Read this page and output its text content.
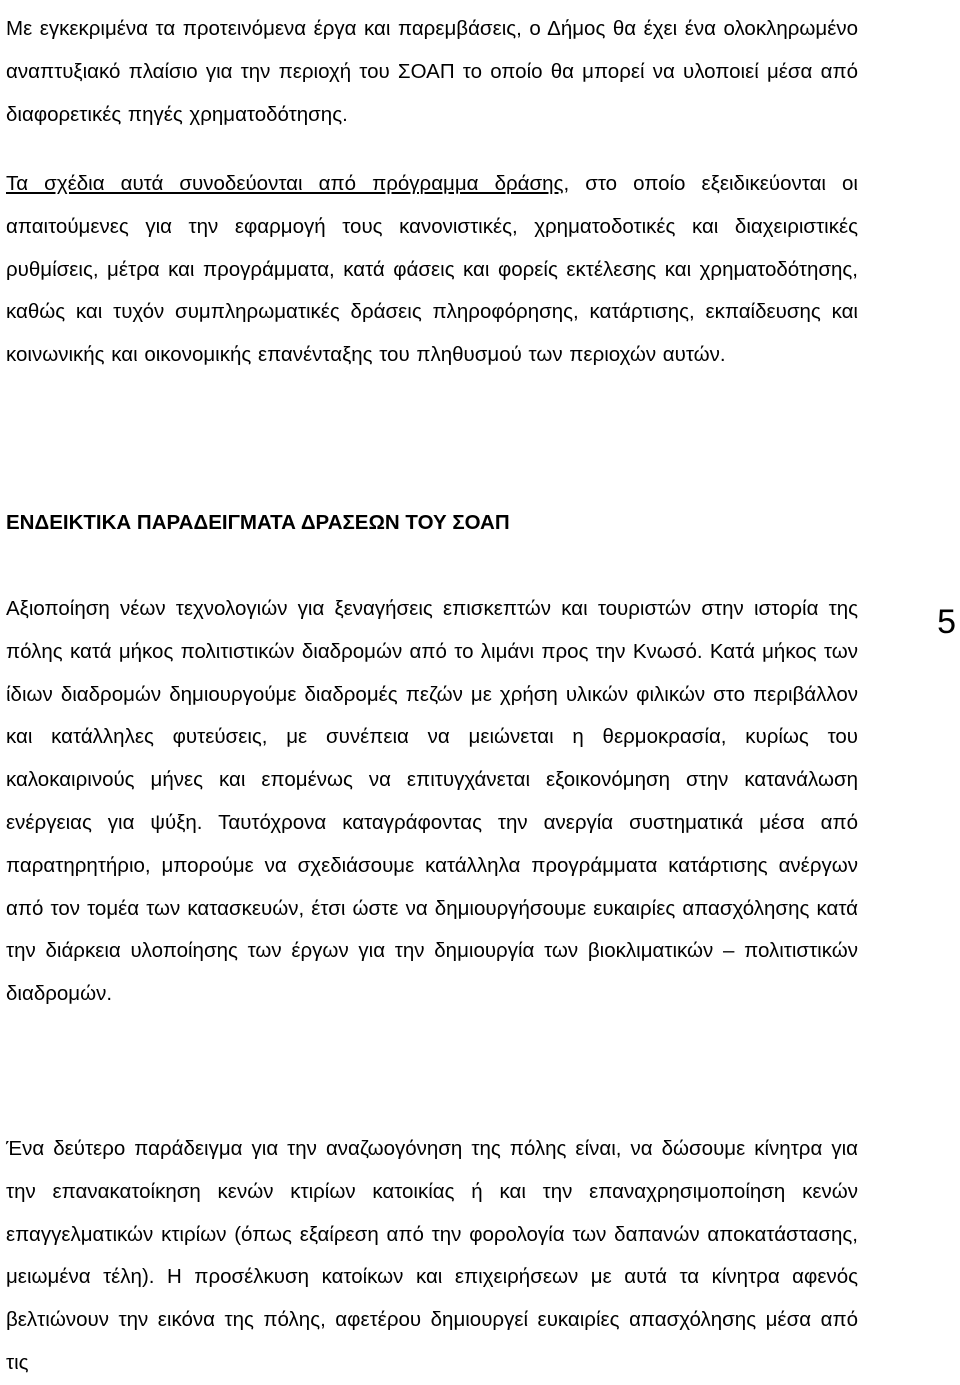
Με εγκεκριμένα τα προτεινόμενα έργα και παρεμβάσεις, ο Δήμος θα έχει ένα ολοκληρωμένο αναπτυξιακό πλαίσιο για την περιοχή του ΣΟΑΠ το οποίο θα μπορεί να υλοποιεί μέσα από διαφορετικές πηγές χρηματοδότησης.

Τα σχέδια αυτά συνοδεύονται από πρόγραμμα δράσης, στο οποίο εξειδικεύονται οι απαιτούμενες για την εφαρμογή τους κανονιστικές, χρηματοδοτικές και διαχειριστικές ρυθμίσεις, μέτρα και προγράμματα, κατά φάσεις και φορείς εκτέλεσης και χρηματοδότησης, καθώς και τυχόν συμπληρωματικές δράσεις πληροφόρησης, κατάρτισης, εκπαίδευσης και κοινωνικής και οικονομικής επανένταξης του πληθυσμού των περιοχών αυτών.

ΕΝΔΕΙΚΤΙΚΑ ΠΑΡΑΔΕΙΓΜΑΤΑ ΔΡΑΣΕΩΝ ΤΟΥ ΣΟΑΠ

Αξιοποίηση νέων τεχνολογιών για ξεναγήσεις επισκεπτών και τουριστών στην ιστορία της πόλης κατά μήκος πολιτιστικών διαδρομών από το λιμάνι προς την Κνωσό. Κατά μήκος των ίδιων διαδρομών δημιουργούμε διαδρομές πεζών με χρήση υλικών φιλικών στο περιβάλλον και κατάλληλες φυτεύσεις, με συνέπεια να μειώνεται η θερμοκρασία, κυρίως του καλοκαιρινούς μήνες και επομένως να επιτυγχάνεται εξοικονόμηση στην κατανάλωση ενέργειας για ψύξη. Ταυτόχρονα καταγράφοντας την ανεργία συστηματικά μέσα από παρατηρητήριο, μπορούμε να σχεδιάσουμε κατάλληλα προγράμματα κατάρτισης ανέργων από τον τομέα των κατασκευών, έτσι ώστε να δημιουργήσουμε ευκαιρίες απασχόλησης κατά την διάρκεια υλοποίησης των έργων για την δημιουργία των βιοκλιματικών – πολιτιστικών διαδρομών.

Ένα δεύτερο παράδειγμα για την αναζωογόνηση της πόλης είναι, να δώσουμε κίνητρα για την επανακατοίκηση κενών κτιρίων κατοικίας ή και την επαναχρησιμοποίηση κενών επαγγελματικών κτιρίων (όπως εξαίρεση από την φορολογία των δαπανών αποκατάστασης, μειωμένα τέλη). Η προσέλκυση κατοίκων και επιχειρήσεων με αυτά τα κίνητρα αφενός βελτιώνουν την εικόνα της πόλης, αφετέρου δημιουργεί ευκαιρίες απασχόλησης μέσα από τις

5
